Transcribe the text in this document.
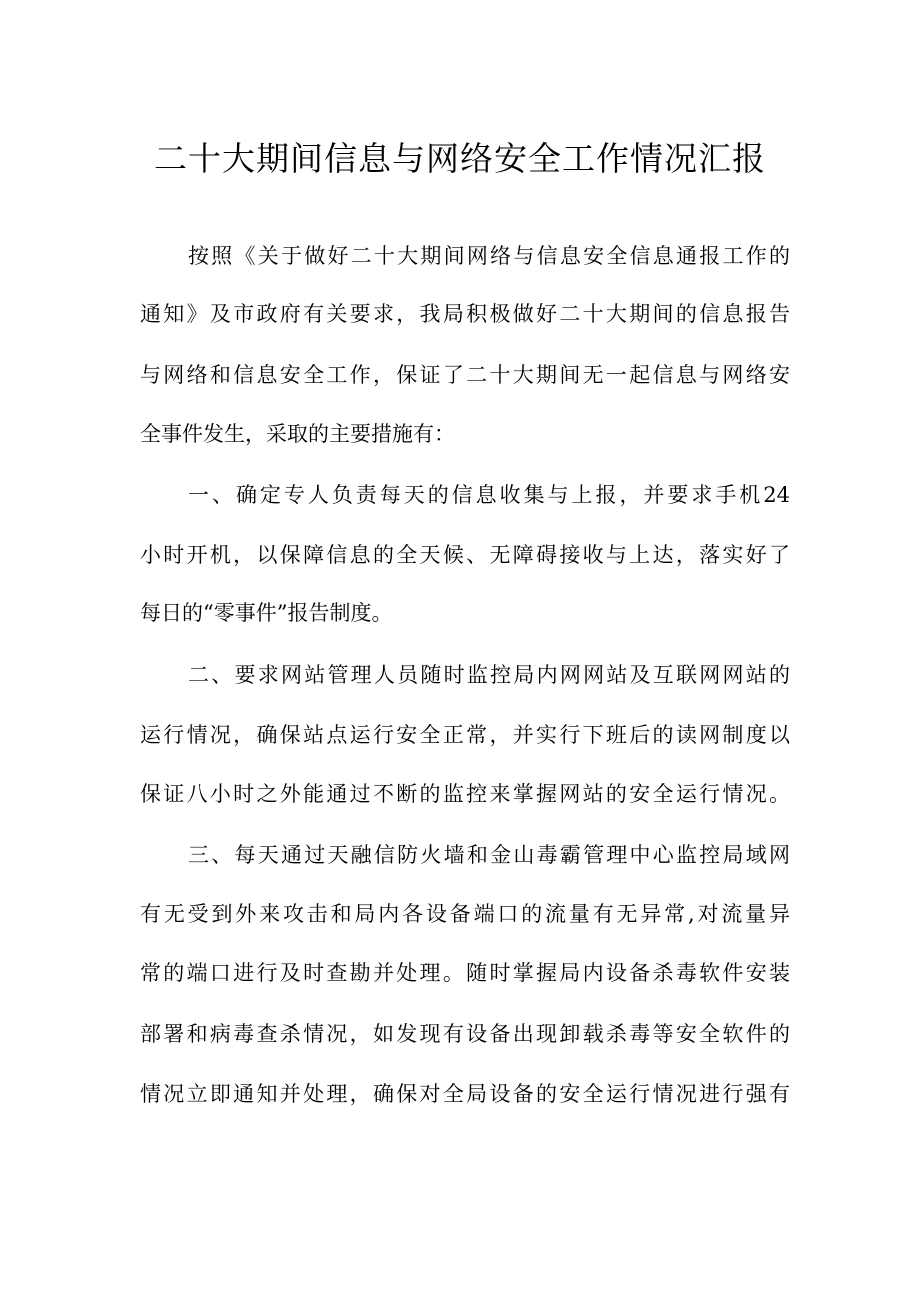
二十大期间信息与网络安全工作情况汇报

按照《关于做好二十大期间网络与信息安全信息通报工作的

通知》及市政府有关要求，我局积极做好二十大期间的信息报告

与网络和信息安全工作，保证了二十大期间无一起信息与网络安

全事件发生，采取的主要措施有：

一、确定专人负责每天的信息收集与上报，并要求手机24

小时开机，以保障信息的全天候、无障碍接收与上达，落实好了

每日的“零事件”报告制度。

二、要求网站管理人员随时监控局内网网站及互联网网站的

运行情况，确保站点运行安全正常，并实行下班后的读网制度以

保证八小时之外能通过不断的监控来掌握网站的安全运行情况。

三、每天通过天融信防火墙和金山毒霸管理中心监控局域网

有无受到外来攻击和局内各设备端口的流量有无异常,对流量异

常的端口进行及时查勘并处理。随时掌握局内设备杀毒软件安装

部署和病毒查杀情况，如发现有设备出现卸载杀毒等安全软件的

情况立即通知并处理，确保对全局设备的安全运行情况进行强有
